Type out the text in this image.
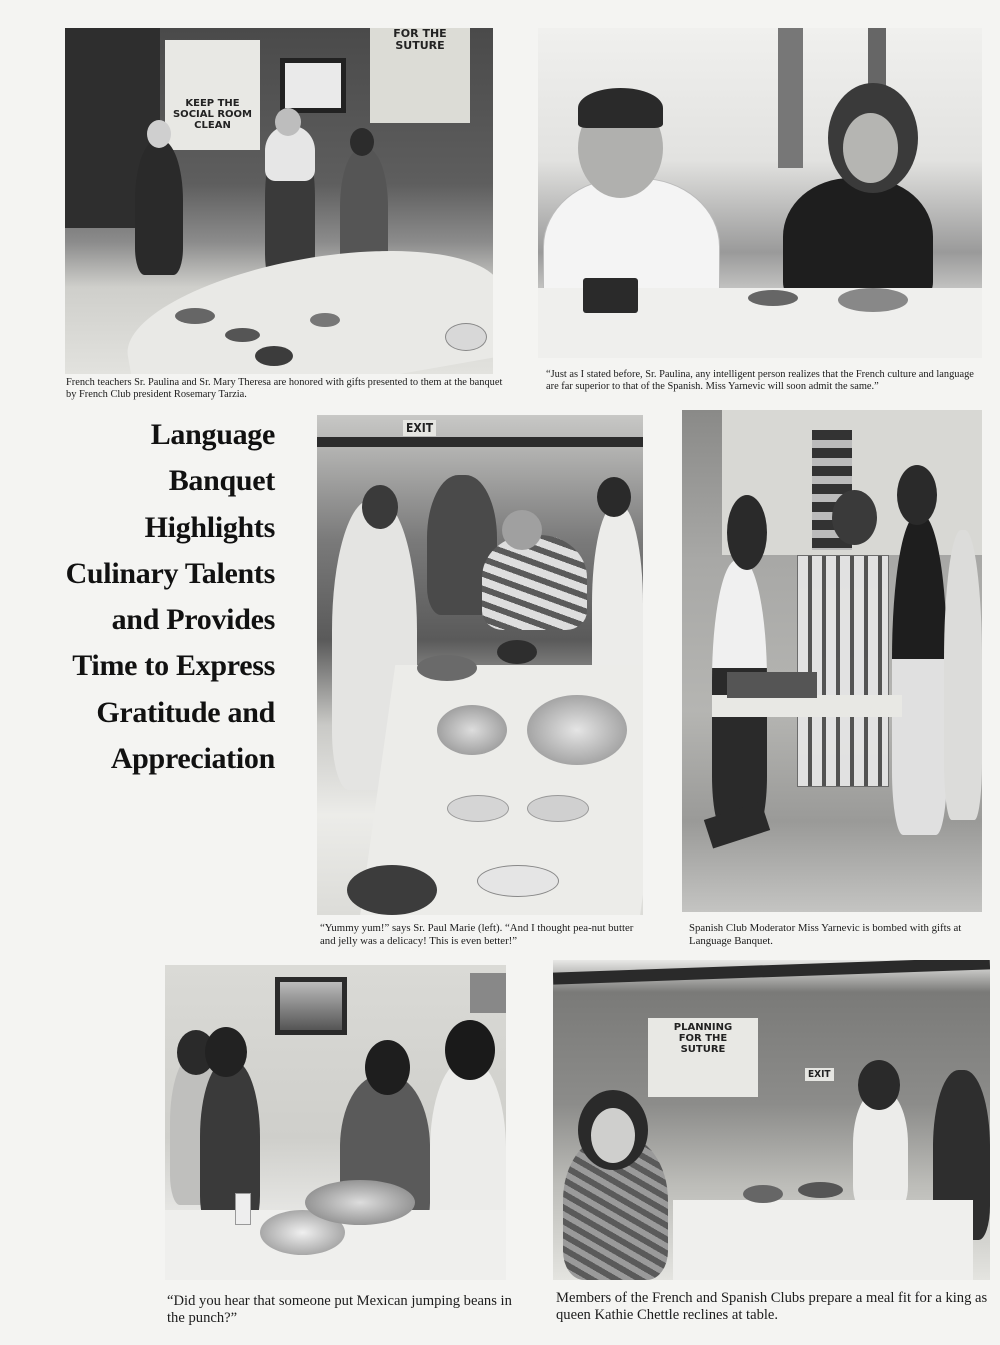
Language
Banquet
Highlights
Culinary Talents
and Provides
Time to Express
Gratitude and
Appreciation
KEEP THE
SOCIAL ROOM
CLEAN
FOR THE
SUTURE
French teachers Sr. Paulina and Sr. Mary Theresa are honored with gifts presented to them at the banquet by French Club president Rosemary Tarzia.
“Just as I stated before, Sr. Paulina, any intelligent person realizes that the French culture and language are far superior to that of the Spanish. Miss Yarnevic will soon admit the same.”
EXIT
“Yummy yum!” says Sr. Paul Marie (left). “And I thought pea-nut butter and jelly was a delicacy! This is even better!”
Spanish Club Moderator Miss Yarnevic is bombed with gifts at Language Banquet.
“Did you hear that someone put Mexican jumping beans in the punch?”
PLANNING
FOR THE
SUTURE
EXIT
Members of the French and Spanish Clubs prepare a meal fit for a king as queen Kathie Chettle reclines at table.
